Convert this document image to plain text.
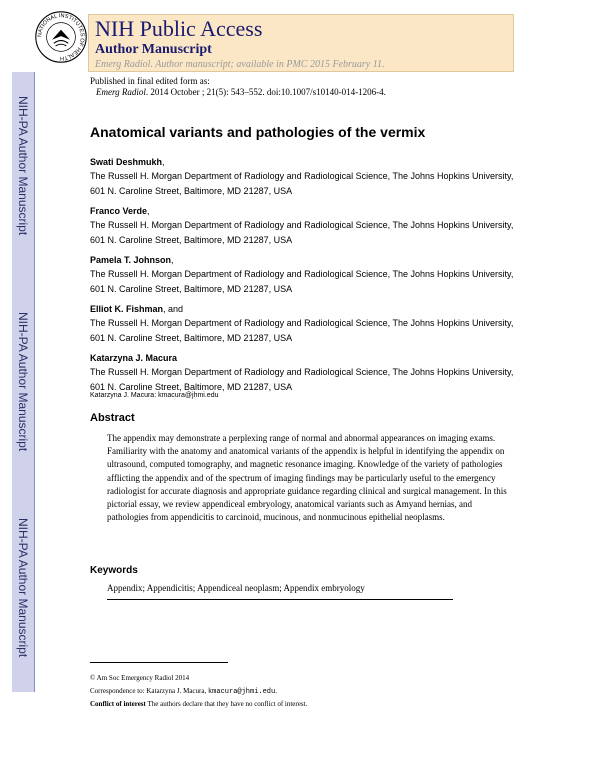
NIH-PA Author Manuscript
NIH-PA Author Manuscript
NIH-PA Author Manuscript
NATIONAL INSTITUTES OF HEALTH
NIH Public Access
Author Manuscript
Emerg Radiol. Author manuscript; available in PMC 2015 February 11.
Published in final edited form as:
Emerg Radiol. 2014 October ; 21(5): 543–552. doi:10.1007/s10140-014-1206-4.
Anatomical variants and pathologies of the vermix
Swati Deshmukh,
The Russell H. Morgan Department of Radiology and Radiological Science, The Johns Hopkins University, 601 N. Caroline Street, Baltimore, MD 21287, USA
Franco Verde,
The Russell H. Morgan Department of Radiology and Radiological Science, The Johns Hopkins University, 601 N. Caroline Street, Baltimore, MD 21287, USA
Pamela T. Johnson,
The Russell H. Morgan Department of Radiology and Radiological Science, The Johns Hopkins University, 601 N. Caroline Street, Baltimore, MD 21287, USA
Elliot K. Fishman, and
The Russell H. Morgan Department of Radiology and Radiological Science, The Johns Hopkins University, 601 N. Caroline Street, Baltimore, MD 21287, USA
Katarzyna J. Macura
The Russell H. Morgan Department of Radiology and Radiological Science, The Johns Hopkins University, 601 N. Caroline Street, Baltimore, MD 21287, USA
Katarzyna J. Macura: kmacura@jhmi.edu
Abstract
The appendix may demonstrate a perplexing range of normal and abnormal appearances on imaging exams. Familiarity with the anatomy and anatomical variants of the appendix is helpful in identifying the appendix on ultrasound, computed tomography, and magnetic resonance imaging. Knowledge of the variety of pathologies afflicting the appendix and of the spectrum of imaging findings may be particularly useful to the emergency radiologist for accurate diagnosis and appropriate guidance regarding clinical and surgical management. In this pictorial essay, we review appendiceal embryology, anatomical variants such as Amyand hernias, and pathologies from appendicitis to carcinoid, mucinous, and nonmucinous epithelial neoplasms.
Keywords
Appendix; Appendicitis; Appendiceal neoplasm; Appendix embryology
© Am Soc Emergency Radiol 2014
Correspondence to: Katarzyna J. Macura, kmacura@jhmi.edu.
Conflict of interest The authors declare that they have no conflict of interest.
